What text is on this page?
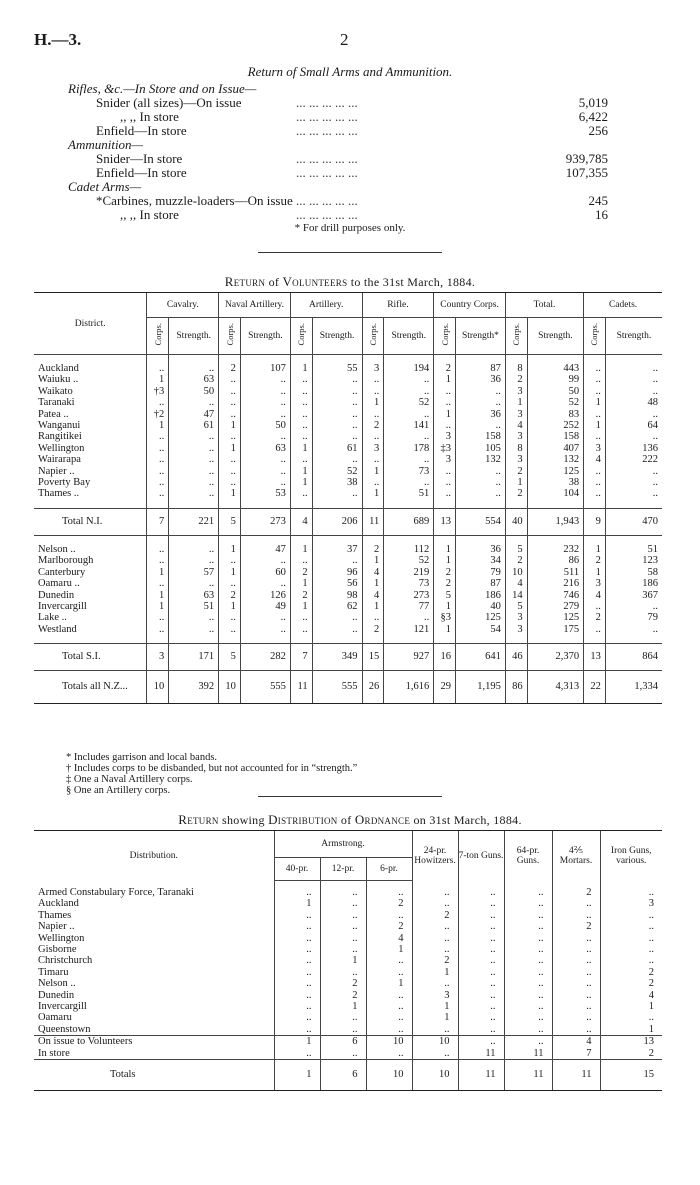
H.—3.	2
Return of Small Arms and Ammunition.
Rifles, &c.—In Store and on Issue—
Snider (all sizes)—On issue	... ... ... ... ...	5,019
,, ,, In store	... ... ... ... ...	6,422
Enfield—In store	... ... ... ... ...	256
Ammunition—
Snider—In store	... ... ... ... ...	939,785
Enfield—In store	... ... ... ... ...	107,355
Cadet Arms—
*Carbines, muzzle-loaders—On issue ... ... ... ... ...	245
,, ,, In store	... ... ... ... ...	16
* For drill purposes only.
Return of Volunteers to the 31st March, 1884.
District.	Cavalry.		Naval Artillery.		Artillery.		Rifle.		Country Corps.		Total.		Cadets.	
	Corps.	Strength.	Corps.	Strength.	Corps.	Strength.	Corps.	Strength.	Corps.	Strength*	Corps.	Strength.	Corps.	Strength.

Auckland	..	..	2	107	1	55	3	194	2	87	8	443	..	..
Waiuku ..	1	63	..	..	..	..	..	..	1	36	2	99	..	..
Waikato	†3	50	..	..	..	..	..	..	..	..	3	50	..	..
Taranaki	..	..	..	..	..	..	1	52	..	..	1	52	1	48
Patea ..	†2	47	..	..	..	..	..	..	1	36	3	83	..	..
Wanganui	1	61	1	50	..	..	2	141	..	..	4	252	1	64
Rangitikei	..	..	..	..	..	..	..	..	3	158	3	158	..	..
Wellington	..	..	1	63	1	61	3	178	‡3	105	8	407	3	136
Wairarapa	..	..	..	..	..	..	..	..	3	132	3	132	4	222
Napier ..	..	..	..	..	1	52	1	73	..	..	2	125	..	..
Poverty Bay	..	..	..	..	1	38	..	..	..	..	1	38	..	..
Thames ..	..	..	1	53	..	..	1	51	..	..	2	104	..	..

Total N.I.	7	221	5	273	4	206	11	689	13	554	40	1,943	9	470

Nelson ..	..	..	1	47	1	37	2	112	1	36	5	232	1	51
Marlborough	..	..	..	..	..	..	1	52	1	34	2	86	2	123
Canterbury	1	57	1	60	2	96	4	219	2	79	10	511	1	58
Oamaru ..	..	..	..	..	1	56	1	73	2	87	4	216	3	186
Dunedin	1	63	2	126	2	98	4	273	5	186	14	746	4	367
Invercargill	1	51	1	49	1	62	1	77	1	40	5	279	..	..
Lake ..	..	..	..	..	..	..	..	..	§3	125	3	125	2	79
Westland	..	..	..	..	..	..	2	121	1	54	3	175	..	..

Total S.I.	3	171	5	282	7	349	15	927	16	641	46	2,370	13	864
Totals all N.Z...	10	392	10	555	11	555	26	1,616	29	1,195	86	4,313	22	1,334
* Includes garrison and local bands.
† Includes corps to be disbanded, but not accounted for in “strength.”
‡ One a Naval Artillery corps.
§ One an Artillery corps.
Return showing Distribution of Ordnance on 31st March, 1884.
Distribution.	Armstrong.			24-pr. Howitzers.	7-ton Guns.	64-pr. Guns.	4⅖ Mortars.	Iron Guns, various.
	40-pr.	12-pr.	6-pr.					
Armed Constabulary Force, Taranaki	..	..	..	..	..	..	2	..
Auckland	1	..	2	..	..	..	..	3
Thames	..	..	..	2	..	..	..	..
Napier ..	..	..	2	..	..	..	2	..
Wellington	..	..	4	..	..	..	..	..
Gisborne	..	..	1	..	..	..	..	..
Christchurch	..	1	..	2	..	..	..	..
Timaru	..	..	..	1	..	..	..	2
Nelson ..	..	2	1	..	..	..	..	2
Dunedin	..	2	..	3	..	..	..	4
Invercargill	..	1	..	1	..	..	..	1
Oamaru	..	..	..	1	..	..	..	..
Queenstown	..	..	..	..	..	..	..	1
On issue to Volunteers	1	6	10	10	..	..	4	13
In store	..	..	..	..	11	11	7	2
Totals	1	6	10	10	11	11	11	15
